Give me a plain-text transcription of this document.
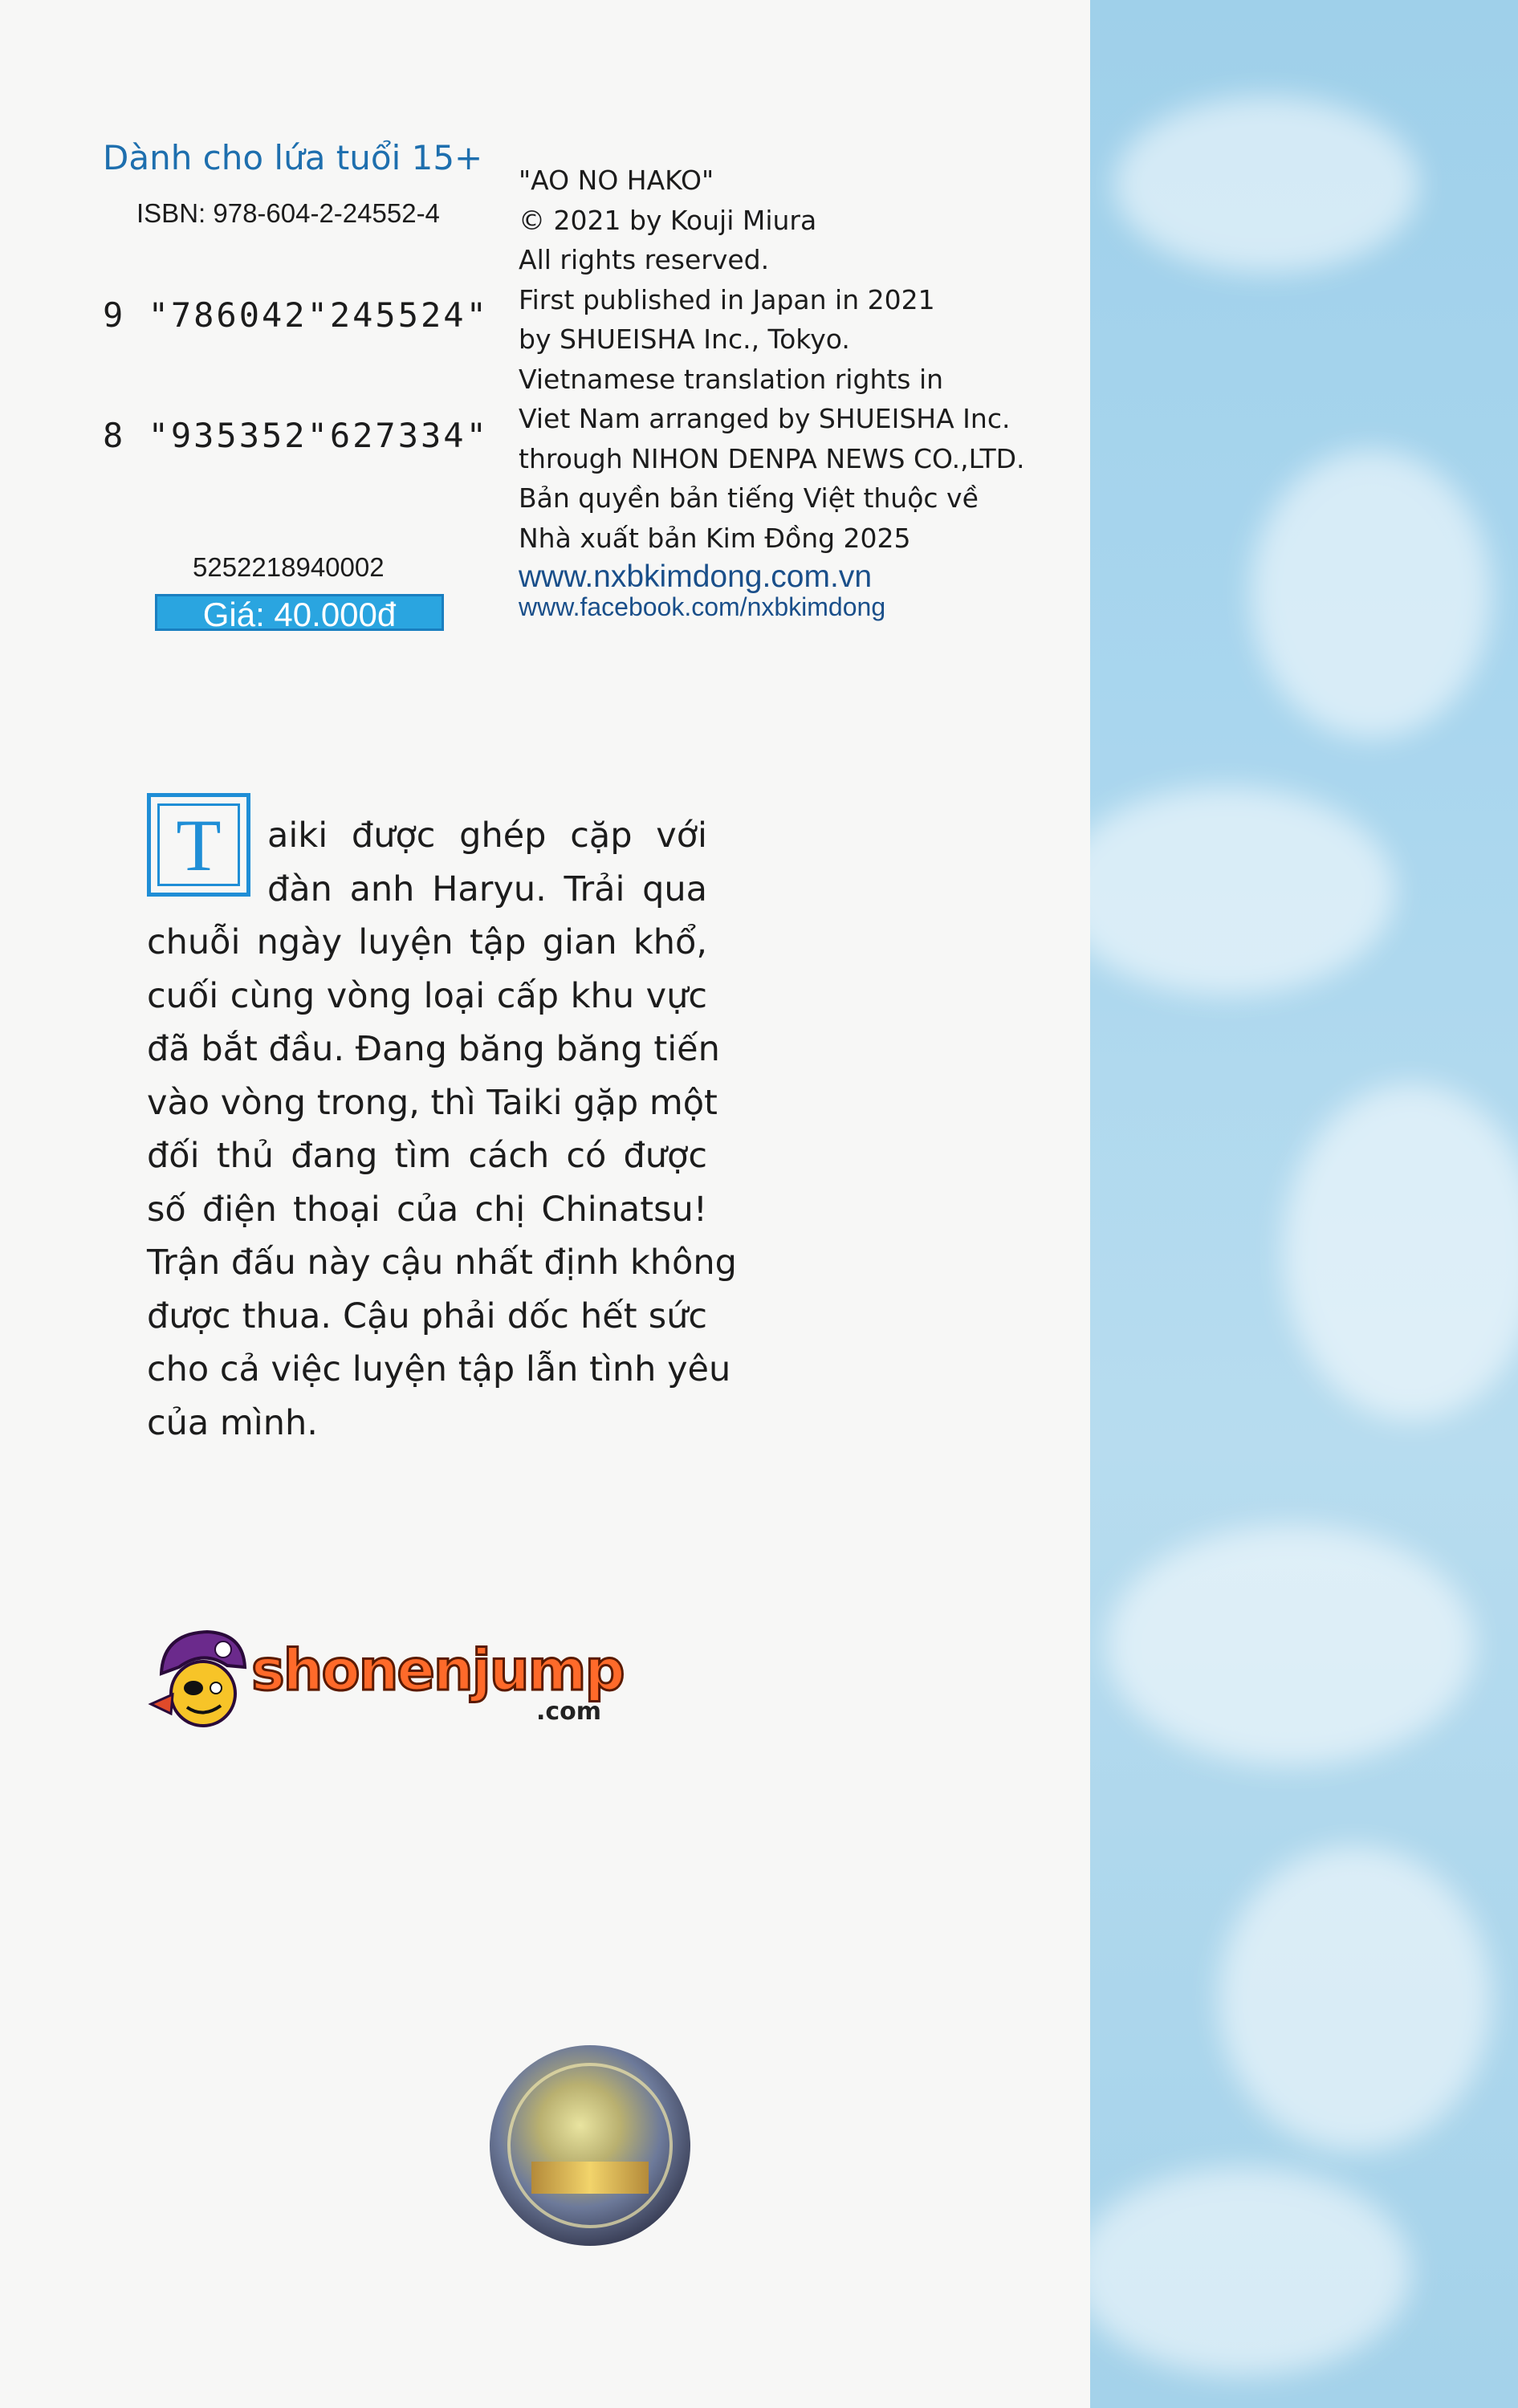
Dành cho lứa tuổi 15+
ISBN: 978-604-2-24552-4
9 "786042"245524"
8 "935352"627334"
5252218940002
Giá: 40.000đ
"AO NO HAKO"
© 2021 by Kouji Miura
All rights reserved.
First published in Japan in 2021
by SHUEISHA Inc., Tokyo.
Vietnamese translation rights in
Viet Nam arranged by SHUEISHA Inc.
through NIHON DENPA NEWS CO.,LTD.
Bản quyền bản tiếng Việt thuộc về
Nhà xuất bản Kim Đồng 2025
www.nxbkimdong.com.vn
www.facebook.com/nxbkimdong
T	aiki được ghép cặp với
đàn anh Haryu. Trải qua
chuỗi ngày luyện tập gian khổ,
cuối cùng vòng loại cấp khu vực
đã bắt đầu. Đang băng băng tiến
vào vòng trong, thì Taiki gặp một
đối thủ đang tìm cách có được
số điện thoại của chị Chinatsu!
Trận đấu này cậu nhất định không
được thua. Cậu phải dốc hết sức
cho cả việc luyện tập lẫn tình yêu
của mình.
shonenjump
.com
